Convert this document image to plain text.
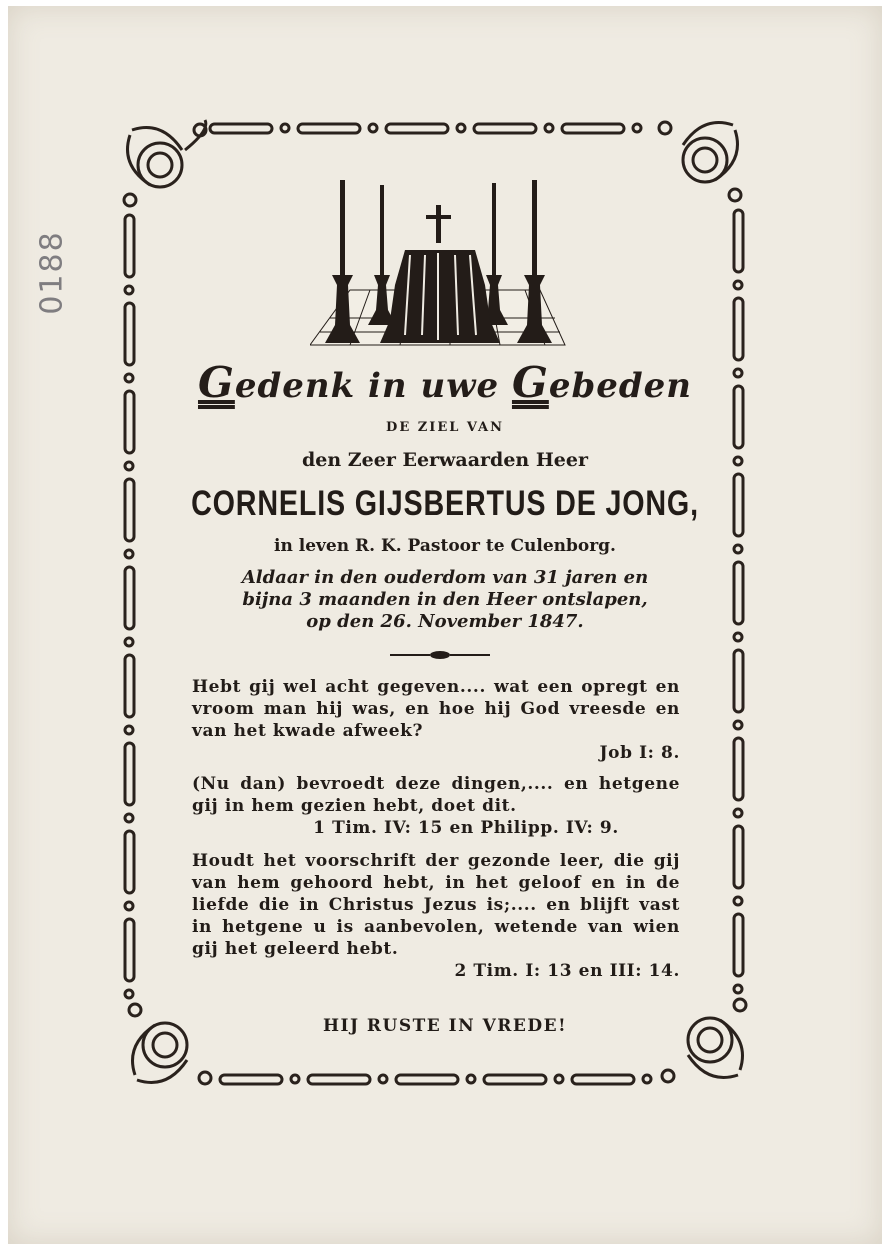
0188
Gedenk in uwe Gebeden
DE ZIEL VAN
den Zeer Eerwaarden Heer
CORNELIS GIJSBERTUS DE JONG,
in leven R. K. Pastoor te Culenborg.
Aldaar in den ouderdom van 31 jaren en
bijna 3 maanden in den Heer ontslapen,
op den 26. November 1847.
Hebt gij wel acht gegeven.... wat een opregt en vroom man hij was, en hoe hij God vreesde en van het kwade afweek?
Job I: 8.
(Nu dan) bevroedt deze dingen,.... en hetgene gij in hem gezien hebt, doet dit.
1 Tim. IV: 15 en Philipp. IV: 9.
Houdt het voorschrift der gezonde leer, die gij van hem gehoord hebt, in het geloof en in de liefde die in Christus Jezus is;.... en blijft vast in hetgene u is aanbevolen, wetende van wien gij het geleerd hebt.
2 Tim. I: 13 en III: 14.
HIJ RUSTE IN VREDE!
